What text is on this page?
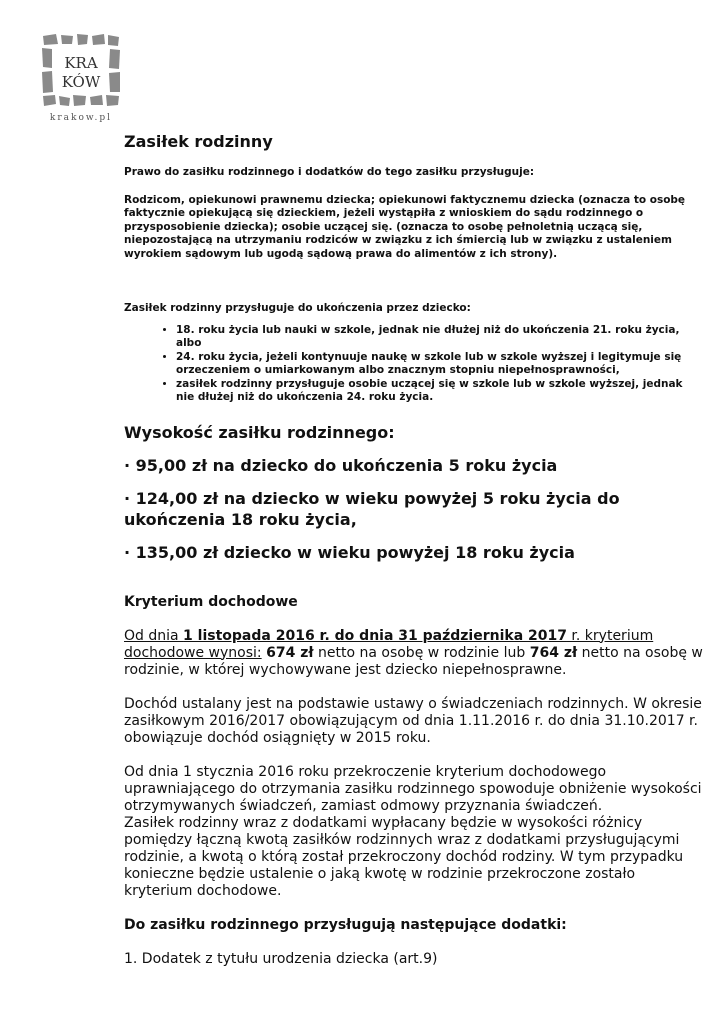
KRA
KÓW
krakow.pl
Zasiłek rodzinny

Prawo do zasiłku rodzinnego i dodatków do tego zasiłku przysługuje:

Rodzicom, opiekunowi prawnemu dziecka; opiekunowi faktycznemu dziecka (oznacza to osobę faktycznie opiekującą się dzieckiem, jeżeli wystąpiła z wnioskiem do sądu rodzinnego o przysposobienie dziecka); osobie uczącej się. (oznacza to osobę pełnoletnią uczącą się, niepozostającą na utrzymaniu rodziców w związku z ich śmiercią lub w związku z ustaleniem wyrokiem sądowym lub ugodą sądową prawa do alimentów z ich strony).

Zasiłek rodzinny przysługuje do ukończenia przez dziecko:

• 18. roku życia lub nauki w szkole, jednak nie dłużej niż do ukończenia 21. roku życia, albo
• 24. roku życia, jeżeli kontynuuje naukę w szkole lub w szkole wyższej i legitymuje się orzeczeniem o umiarkowanym albo znacznym stopniu niepełnosprawności,
• zasiłek rodzinny przysługuje osobie uczącej się w szkole lub w szkole wyższej, jednak nie dłużej niż do ukończenia 24. roku życia.
Wysokość zasiłku rodzinnego:

· 95,00 zł na dziecko do ukończenia 5 roku życia

· 124,00 zł na dziecko w wieku powyżej 5 roku życia do ukończenia 18 roku życia,

· 135,00 zł dziecko w wieku powyżej 18 roku życia

Kryterium dochodowe

Od dnia 1 listopada 2016 r. do dnia 31 października 2017 r. kryterium dochodowe wynosi: 674 zł netto na osobę w rodzinie lub 764 zł netto na osobę w rodzinie, w której wychowywane jest dziecko niepełnosprawne.

Dochód ustalany jest na podstawie ustawy o świadczeniach rodzinnych. W okresie zasiłkowym 2016/2017 obowiązującym od dnia 1.11.2016 r. do dnia 31.10.2017 r. obowiązuje dochód osiągnięty w 2015 roku.

Od dnia 1 stycznia 2016 roku przekroczenie kryterium dochodowego uprawniającego do otrzymania zasiłku rodzinnego spowoduje obniżenie wysokości otrzymywanych świadczeń, zamiast odmowy przyznania świadczeń.

Zasiłek rodzinny wraz z dodatkami wypłacany będzie w wysokości różnicy pomiędzy łączną kwotą zasiłków rodzinnych wraz z dodatkami przysługującymi rodzinie, a kwotą o którą został przekroczony dochód rodziny. W tym przypadku konieczne będzie ustalenie o jaką kwotę w rodzinie przekroczone zostało kryterium dochodowe.

Do zasiłku rodzinnego przysługują następujące dodatki:

1. Dodatek z tytułu urodzenia dziecka (art.9)
